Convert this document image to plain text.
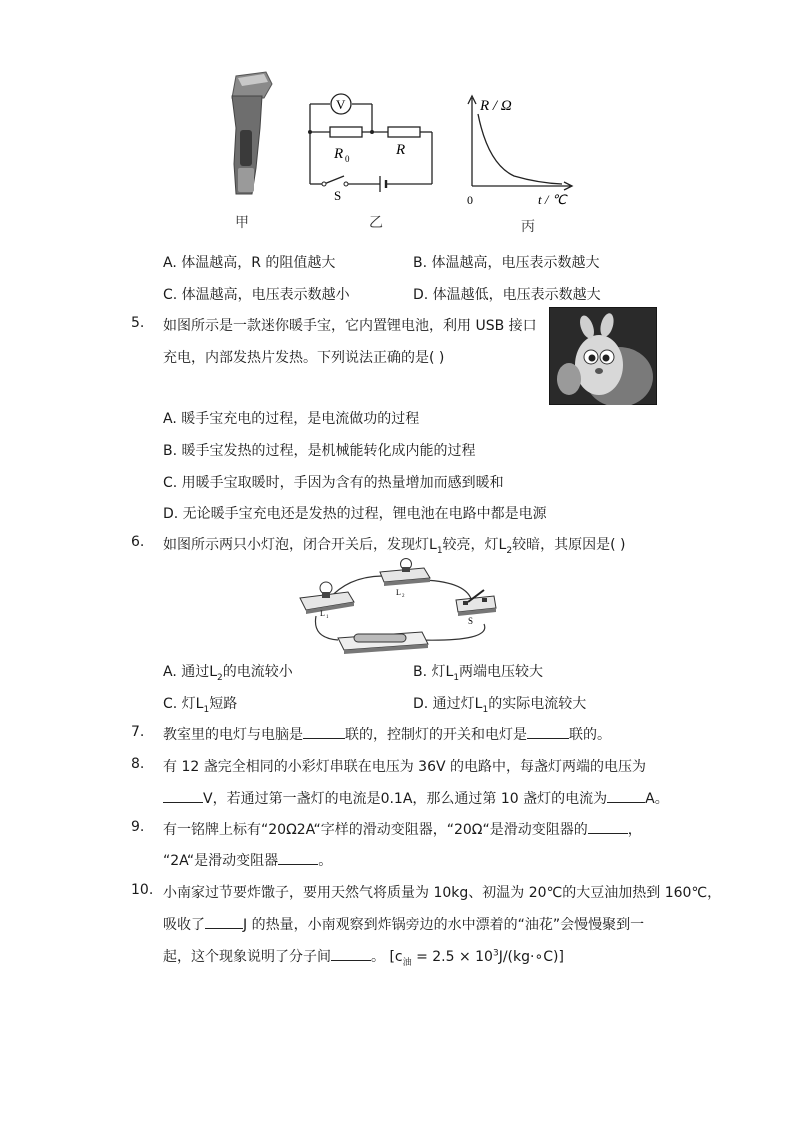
V
R 0
R
S
R / Ω
t / ℃
0
甲	乙	丙
A. 体温越高，R 的阻值越大	B. 体温越高，电压表示数越大
C. 体温越高，电压表示数越小	D. 体温越低，电压表示数越大
5. 如图所示是一款迷你暖手宝，它内置锂电池，利用 USB 接口
充电，内部发热片发热。下列说法正确的是( )
A. 暖手宝充电的过程，是电流做功的过程
B. 暖手宝发热的过程，是机械能转化成内能的过程
C. 用暖手宝取暖时，手因为含有的热量增加而感到暖和
D. 无论暖手宝充电还是发热的过程，锂电池在电路中都是电源
6. 如图所示两只小灯泡，闭合开关后，发现灯$L_1$较亮，灯$L_2$较暗，其原因是( )
L 1
L 2
S
A. 通过$L_2$的电流较小	B. 灯$L_1$两端电压较大
C. 灯$L_1$短路	D. 通过灯$L_1$的实际电流较大
7. 教室里的电灯与电脑是	联的，控制灯的开关和电灯是	联的。
8. 有 12 盏完全相同的小彩灯串联在电压为 36V 的电路中，每盏灯两端的电压为
V，若通过第一盏灯的电流是0.1A，那么通过第 10 盏灯的电流为	A。
9. 有一铭牌上标有“20Ω2A“字样的滑动变阻器，“20Ω“是滑动变阻器的	，
“2A“是滑动变阻器	。
10. 小南家过节要炸馓子，要用天然气将质量为 10kg、初温为 20℃的大豆油加热到 160℃，
吸收了	J 的热量，小南观察到炸锅旁边的水中漂着的“油花”会慢慢聚到一
起，这个现象说明了分子间	。 [$c_油 = 2.5$ × $10^3J/(kg\cdot\circ C)$]
